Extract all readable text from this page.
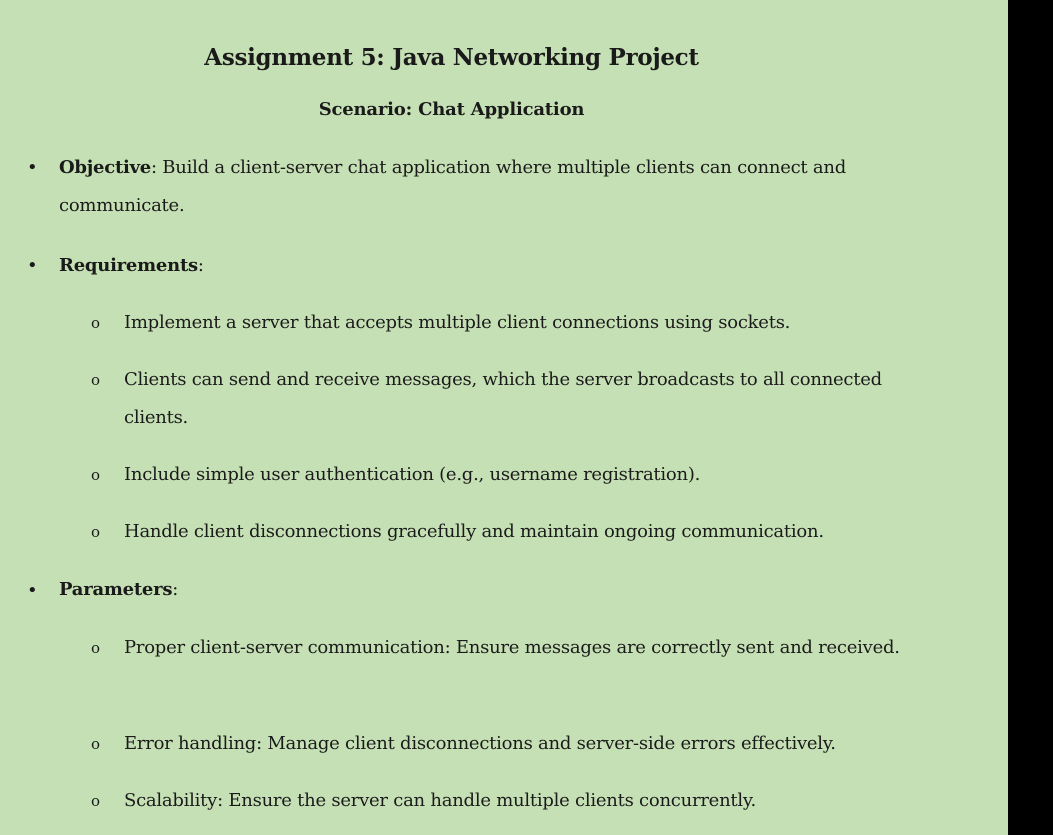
Assignment 5: Java Networking Project
Scenario: Chat Application
• Objective: Build a client-server chat application where multiple clients can connect and communicate.
• Requirements:
o Implement a server that accepts multiple client connections using sockets.
o Clients can send and receive messages, which the server broadcasts to all connected clients.
o Include simple user authentication (e.g., username registration).
o Handle client disconnections gracefully and maintain ongoing communication.
• Parameters:
o Proper client-server communication: Ensure messages are correctly sent and received.
o Error handling: Manage client disconnections and server-side errors effectively.
o Scalability: Ensure the server can handle multiple clients concurrently.
